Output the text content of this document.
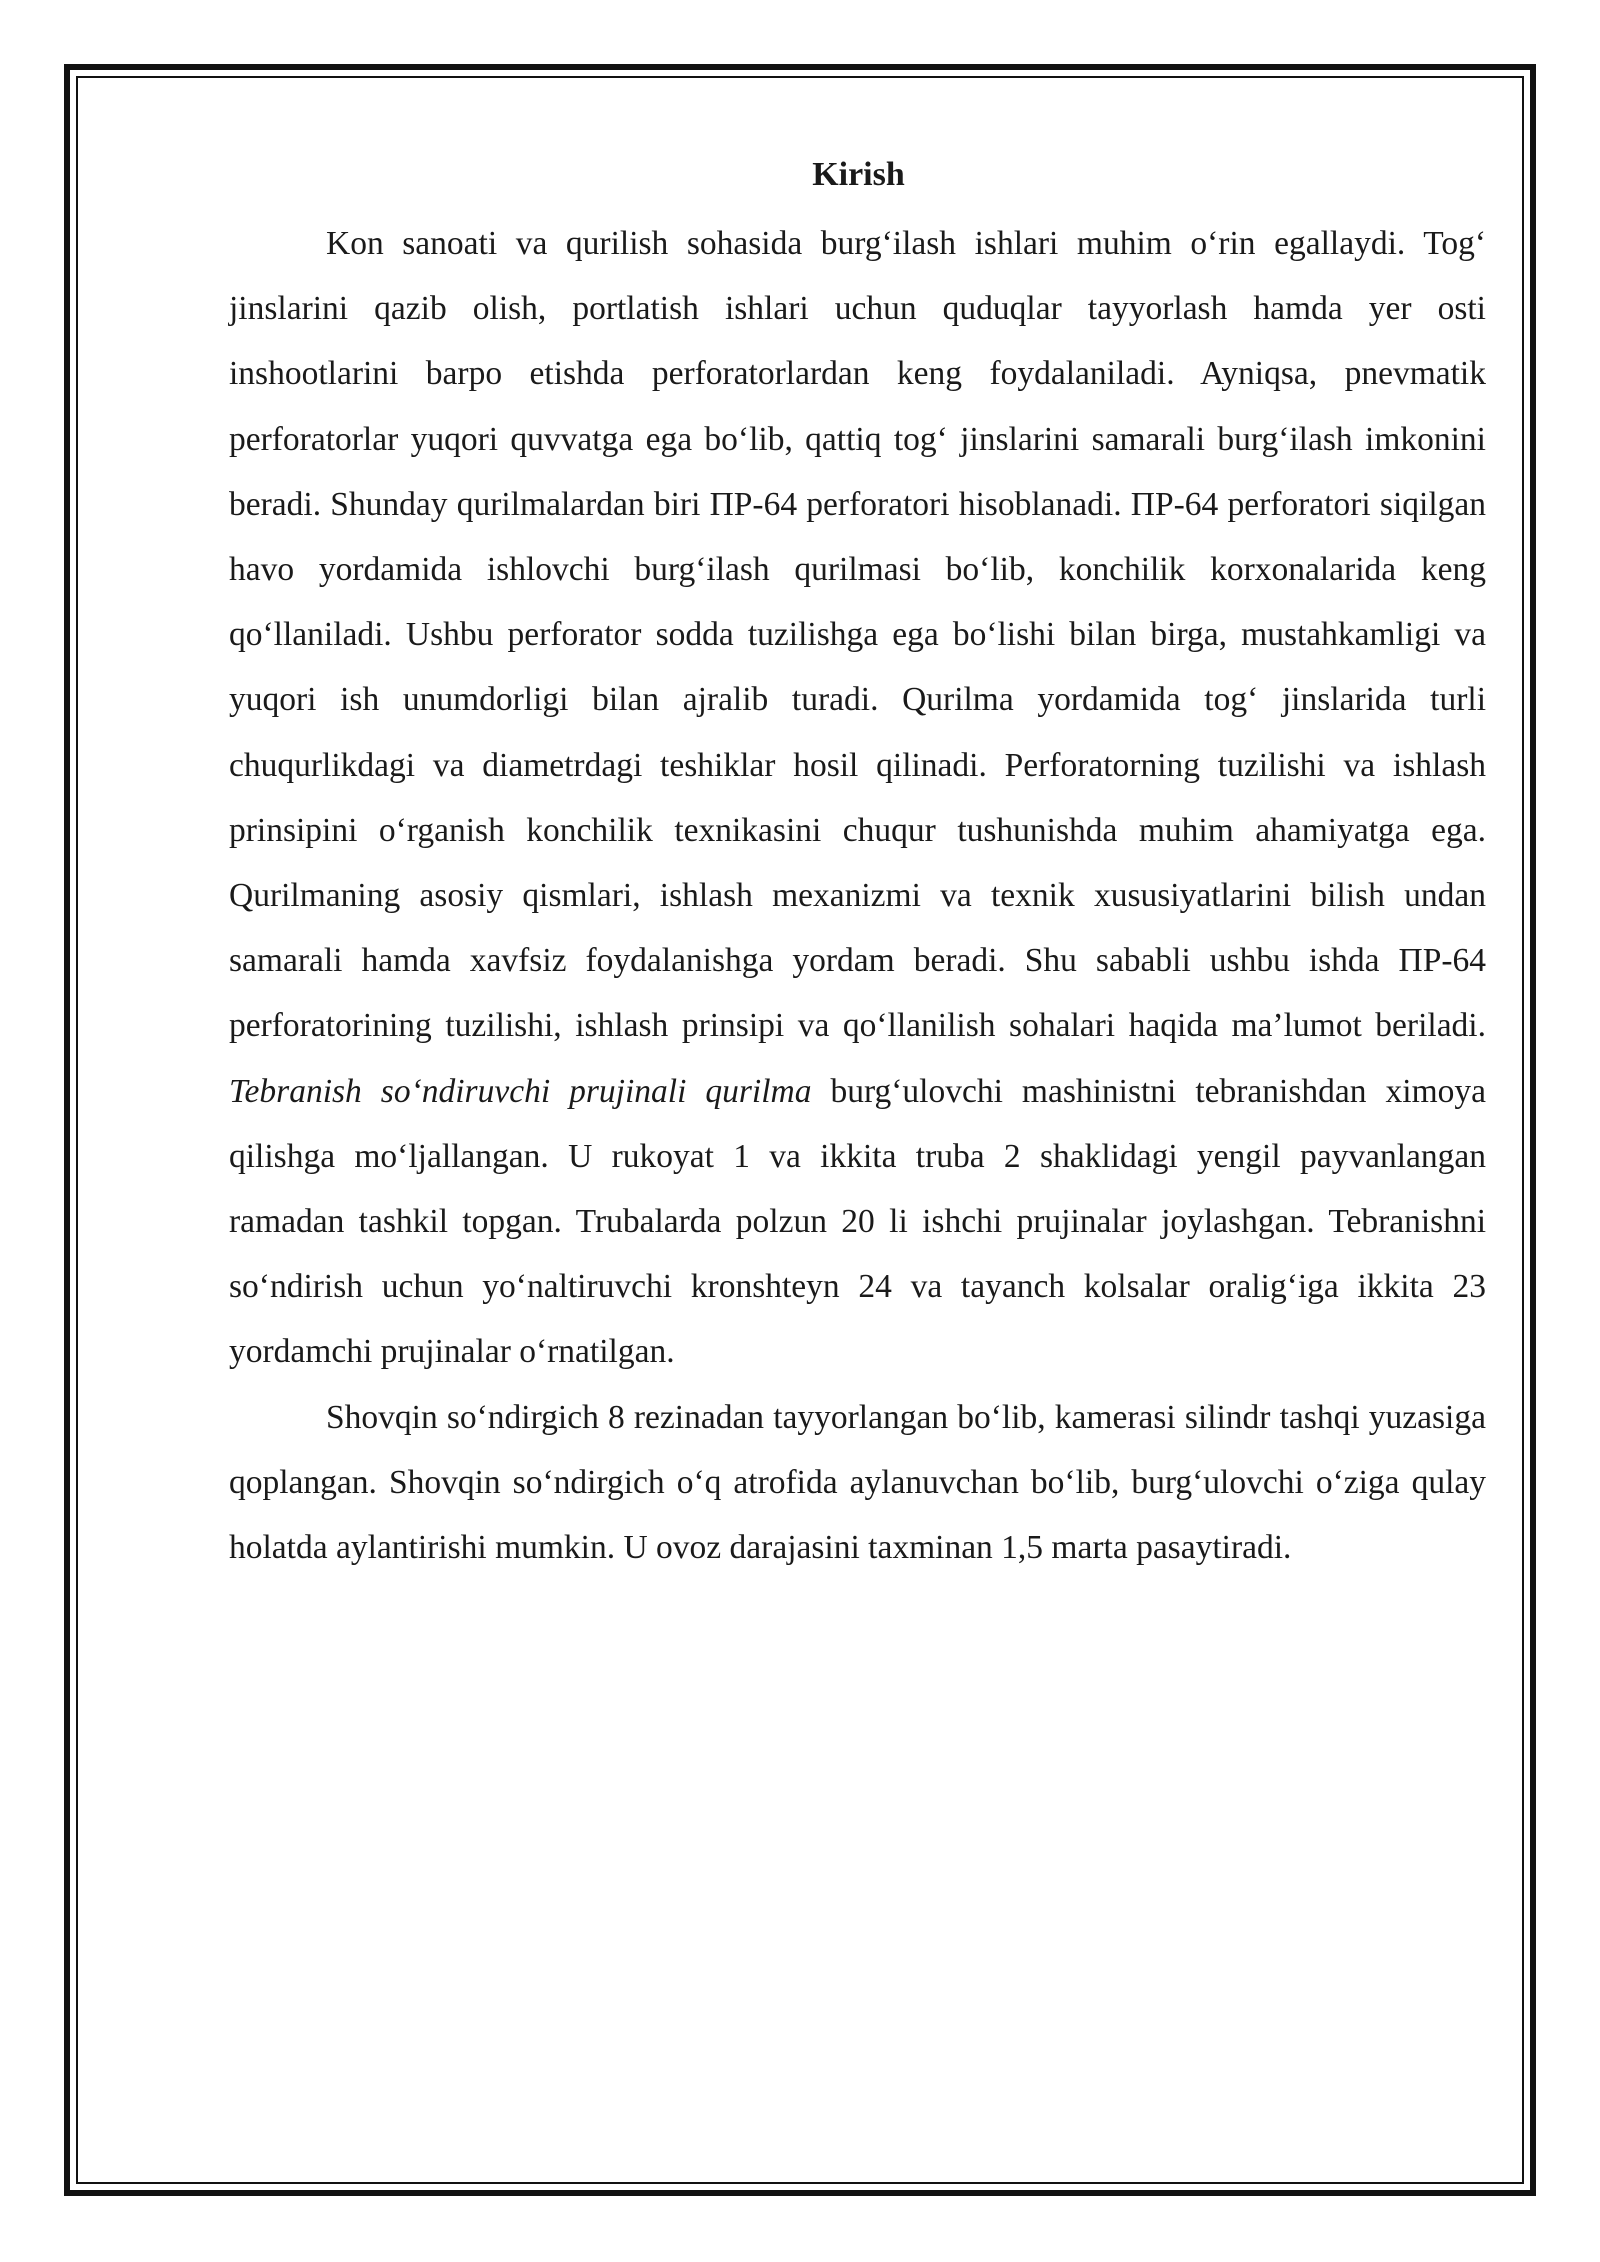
Kirish

Kon sanoati va qurilish sohasida burg‘ilash ishlari muhim o‘rin egallaydi. Tog‘ jinslarini qazib olish, portlatish ishlari uchun quduqlar tayyorlash hamda yer osti inshootlarini barpo etishda perforatorlardan keng foydalaniladi. Ayniqsa, pnevmatik perforatorlar yuqori quvvatga ega bo‘lib, qattiq tog‘ jinslarini samarali burg‘ilash imkonini beradi. Shunday qurilmalardan biri ПР-64 perforatori hisoblanadi. ПР-64 perforatori siqilgan havo yordamida ishlovchi burg‘ilash qurilmasi bo‘lib, konchilik korxonalarida keng qo‘llaniladi. Ushbu perforator sodda tuzilishga ega bo‘lishi bilan birga, mustahkamligi va yuqori ish unumdorligi bilan ajralib turadi. Qurilma yordamida tog‘ jinslarida turli chuqurlikdagi va diametrdagi teshiklar hosil qilinadi. Perforatorning tuzilishi va ishlash prinsipini o‘rganish konchilik texnikasini chuqur tushunishda muhim ahamiyatga ega. Qurilmaning asosiy qismlari, ishlash mexanizmi va texnik xususiyatlarini bilish undan samarali hamda xavfsiz foydalanishga yordam beradi. Shu sababli ushbu ishda ПР-64 perforatorining tuzilishi, ishlash prinsipi va qo‘llanilish sohalari haqida ma’lumot beriladi. Tebranish so‘ndiruvchi prujinali qurilma burg‘ulovchi mashinistni tebranishdan ximoya qilishga mo‘ljallangan. U rukoyat 1 va ikkita truba 2 shaklidagi yengil payvanlangan ramadan tashkil topgan. Trubalarda polzun 20 li ishchi prujinalar joylashgan. Tebranishni so‘ndirish uchun yo‘naltiruvchi kronshteyn 24 va tayanch kolsalar oralig‘iga ikkita 23 yordamchi prujinalar o‘rnatilgan.

Shovqin so‘ndirgich 8 rezinadan tayyorlangan bo‘lib, kamerasi silindr tashqi yuzasiga qoplangan. Shovqin so‘ndirgich o‘q atrofida aylanuvchan bo‘lib, burg‘ulovchi o‘ziga qulay holatda aylantirishi mumkin. U ovoz darajasini taxminan 1,5 marta pasaytiradi.
